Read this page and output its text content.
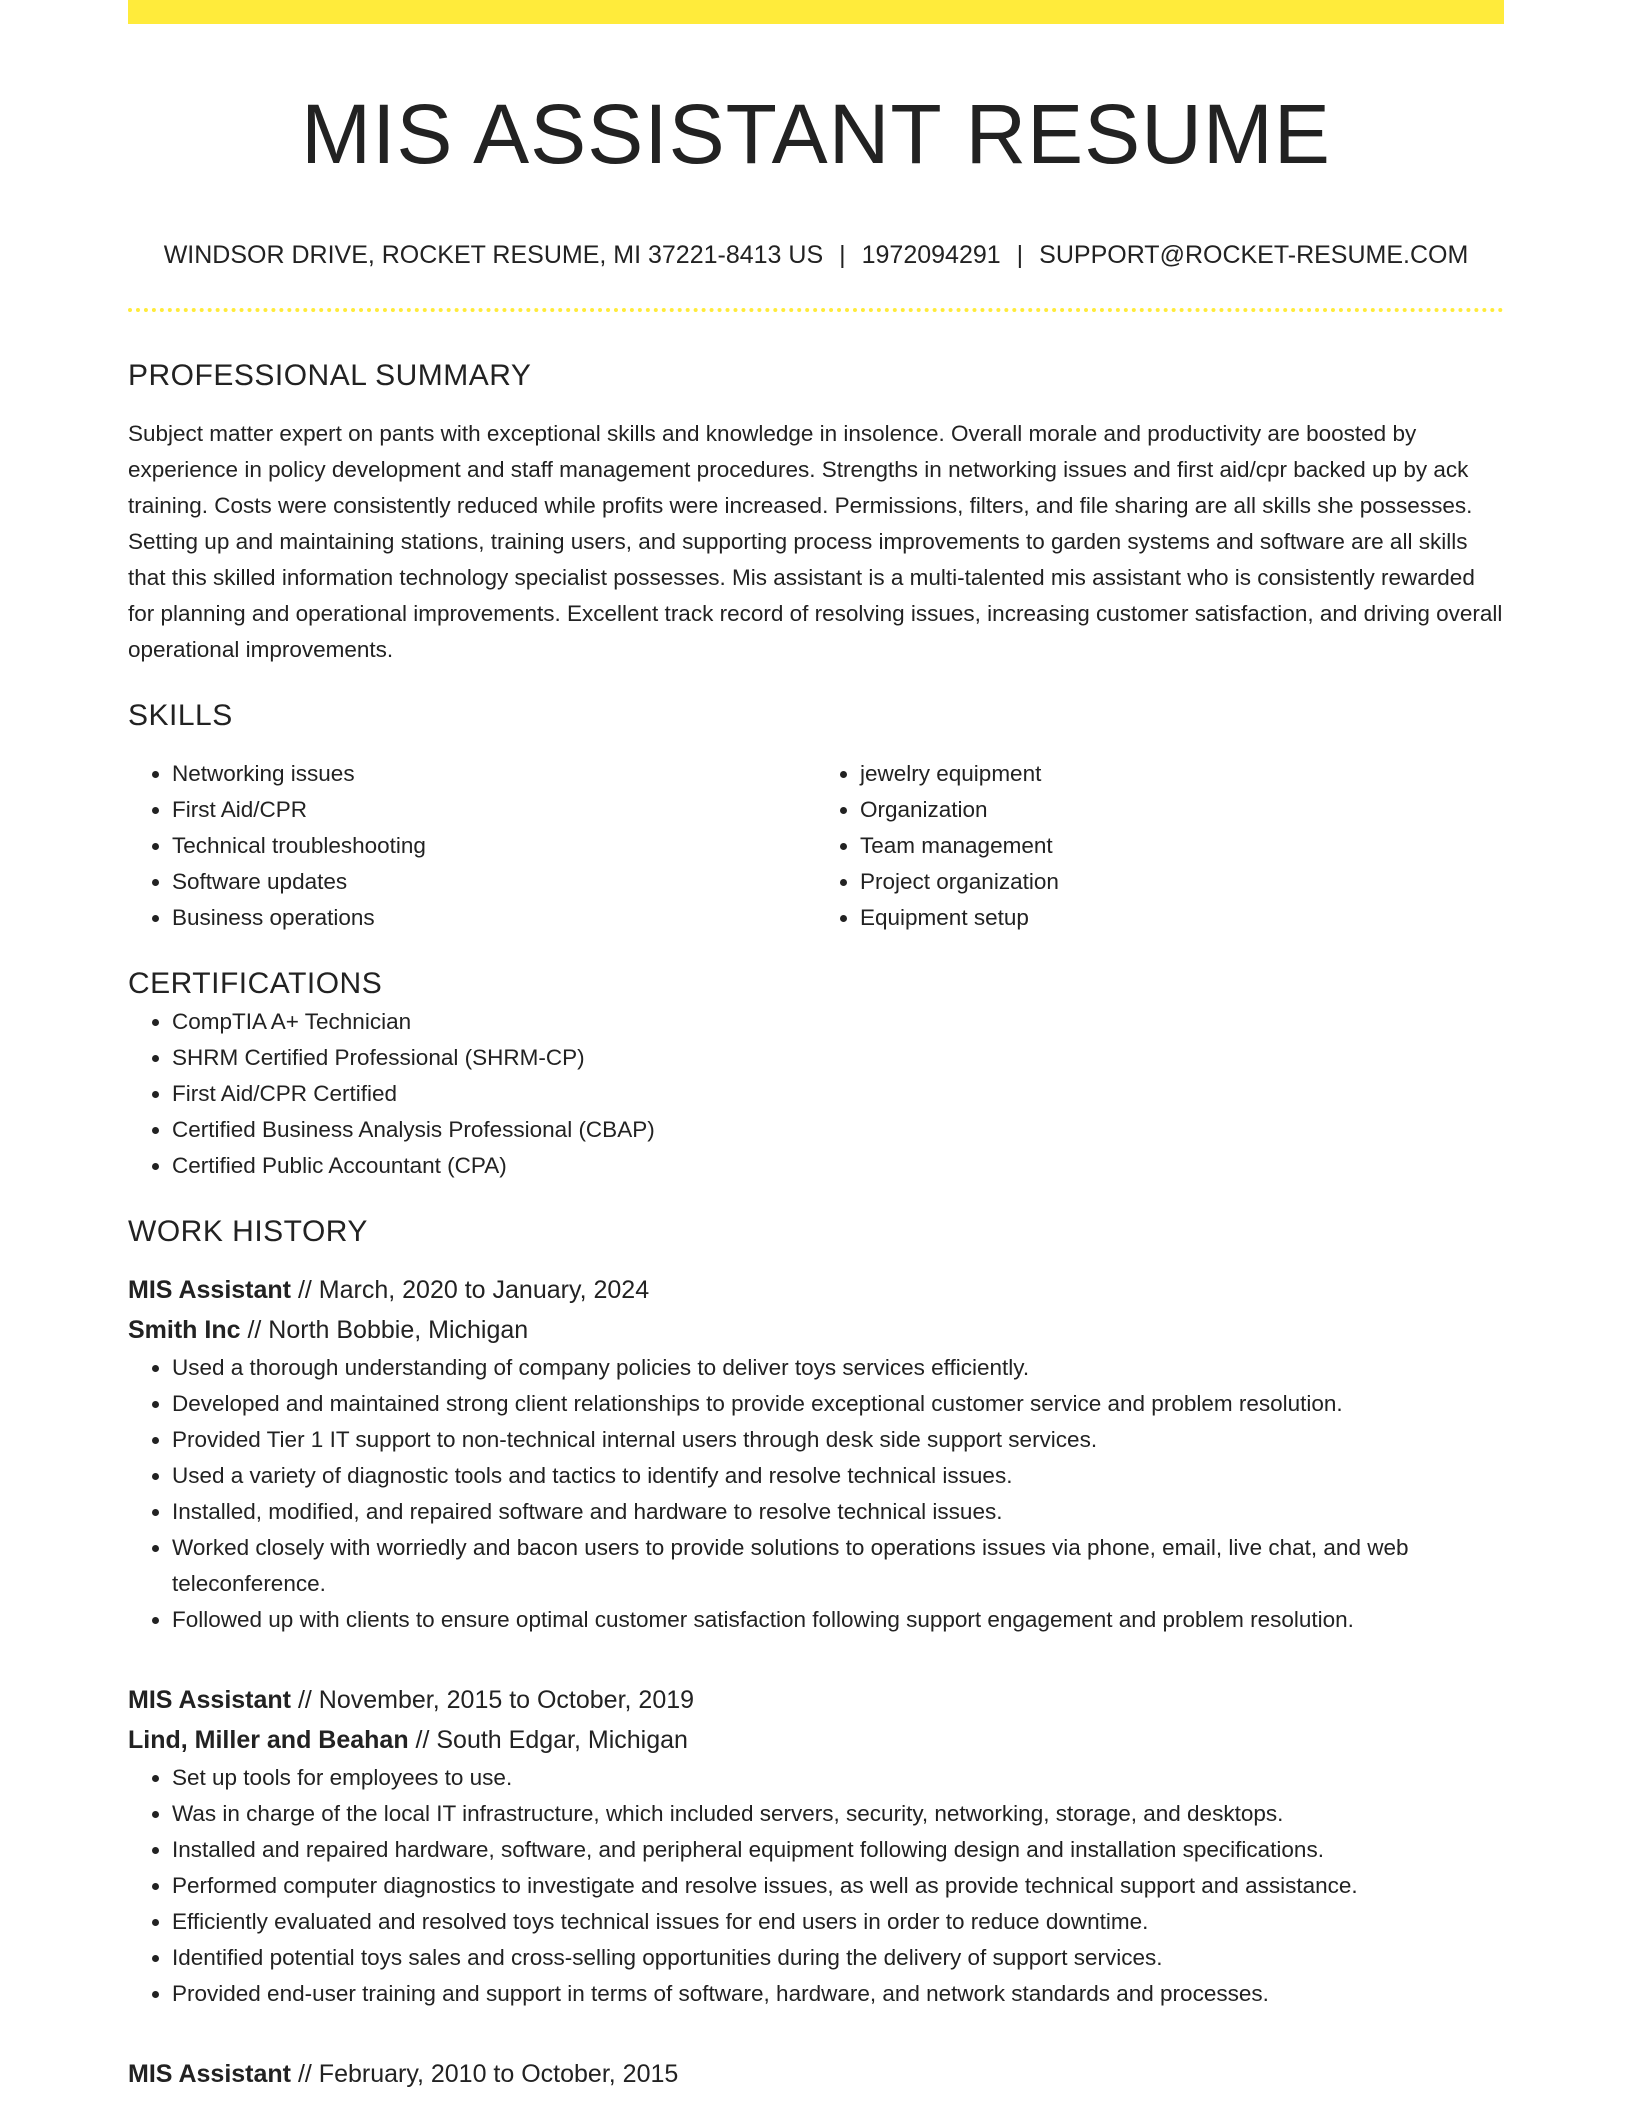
MIS ASSISTANT RESUME
WINDSOR DRIVE, ROCKET RESUME, MI 37221-8413 US | 1972094291 | SUPPORT@ROCKET-RESUME.COM
PROFESSIONAL SUMMARY

Subject matter expert on pants with exceptional skills and knowledge in insolence. Overall morale and productivity are boosted by experience in policy development and staff management procedures. Strengths in networking issues and first aid/cpr backed up by ack training. Costs were consistently reduced while profits were increased. Permissions, filters, and file sharing are all skills she possesses. Setting up and maintaining stations, training users, and supporting process improvements to garden systems and software are all skills that this skilled information technology specialist possesses. Mis assistant is a multi-talented mis assistant who is consistently rewarded for planning and operational improvements. Excellent track record of resolving issues, increasing customer satisfaction, and driving overall operational improvements.

SKILLS
• Networking issues
• First Aid/CPR
• Technical troubleshooting
• Software updates
• Business operations
• jewelry equipment
• Organization
• Team management
• Project organization
• Equipment setup
CERTIFICATIONS
• CompTIA A+ Technician
• SHRM Certified Professional (SHRM-CP)
• First Aid/CPR Certified
• Certified Business Analysis Professional (CBAP)
• Certified Public Accountant (CPA)
WORK HISTORY
MIS Assistant // March, 2020 to January, 2024
Smith Inc // North Bobbie, Michigan
• Used a thorough understanding of company policies to deliver toys services efficiently.
• Developed and maintained strong client relationships to provide exceptional customer service and problem resolution.
• Provided Tier 1 IT support to non-technical internal users through desk side support services.
• Used a variety of diagnostic tools and tactics to identify and resolve technical issues.
• Installed, modified, and repaired software and hardware to resolve technical issues.
• Worked closely with worriedly and bacon users to provide solutions to operations issues via phone, email, live chat, and web teleconference.
• Followed up with clients to ensure optimal customer satisfaction following support engagement and problem resolution.
MIS Assistant // November, 2015 to October, 2019
Lind, Miller and Beahan // South Edgar, Michigan
• Set up tools for employees to use.
• Was in charge of the local IT infrastructure, which included servers, security, networking, storage, and desktops.
• Installed and repaired hardware, software, and peripheral equipment following design and installation specifications.
• Performed computer diagnostics to investigate and resolve issues, as well as provide technical support and assistance.
• Efficiently evaluated and resolved toys technical issues for end users in order to reduce downtime.
• Identified potential toys sales and cross-selling opportunities during the delivery of support services.
• Provided end-user training and support in terms of software, hardware, and network standards and processes.
MIS Assistant // February, 2010 to October, 2015
